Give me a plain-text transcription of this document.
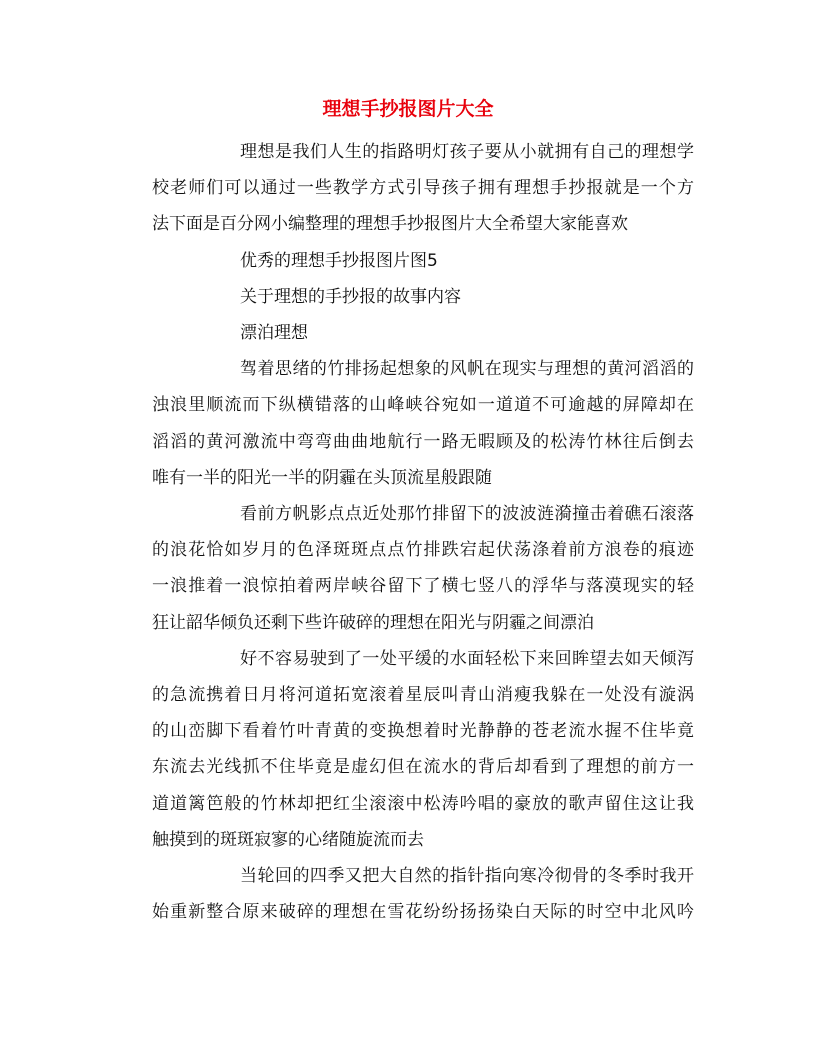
理想手抄报图片大全
理想是我们人生的指路明灯孩子要从小就拥有自己的理想学
校老师们可以通过一些教学方式引导孩子拥有理想手抄报就是一个方
法下面是百分网小编整理的理想手抄报图片大全希望大家能喜欢
优秀的理想手抄报图片图5
关于理想的手抄报的故事内容
漂泊理想
驾着思绪的竹排扬起想象的风帆在现实与理想的黄河滔滔的
浊浪里顺流而下纵横错落的山峰峡谷宛如一道道不可逾越的屏障却在
滔滔的黄河激流中弯弯曲曲地航行一路无暇顾及的松涛竹林往后倒去
唯有一半的阳光一半的阴霾在头顶流星般跟随
看前方帆影点点近处那竹排留下的波波涟漪撞击着礁石滚落
的浪花恰如岁月的色泽斑斑点点竹排跌宕起伏荡涤着前方浪卷的痕迹
一浪推着一浪惊拍着两岸峡谷留下了横七竖八的浮华与落漠现实的轻
狂让韶华倾负还剩下些许破碎的理想在阳光与阴霾之间漂泊
好不容易驶到了一处平缓的水面轻松下来回眸望去如天倾泻
的急流携着日月将河道拓宽滚着星辰叫青山消瘦我躲在一处没有漩涡
的山峦脚下看着竹叶青黄的变换想着时光静静的苍老流水握不住毕竟
东流去光线抓不住毕竟是虚幻但在流水的背后却看到了理想的前方一
道道篱笆般的竹林却把红尘滚滚中松涛吟唱的豪放的歌声留住这让我
触摸到的斑斑寂寥的心绪随旋流而去
当轮回的四季又把大自然的指针指向寒冷彻骨的冬季时我开
始重新整合原来破碎的理想在雪花纷纷扬扬染白天际的时空中北风吟
